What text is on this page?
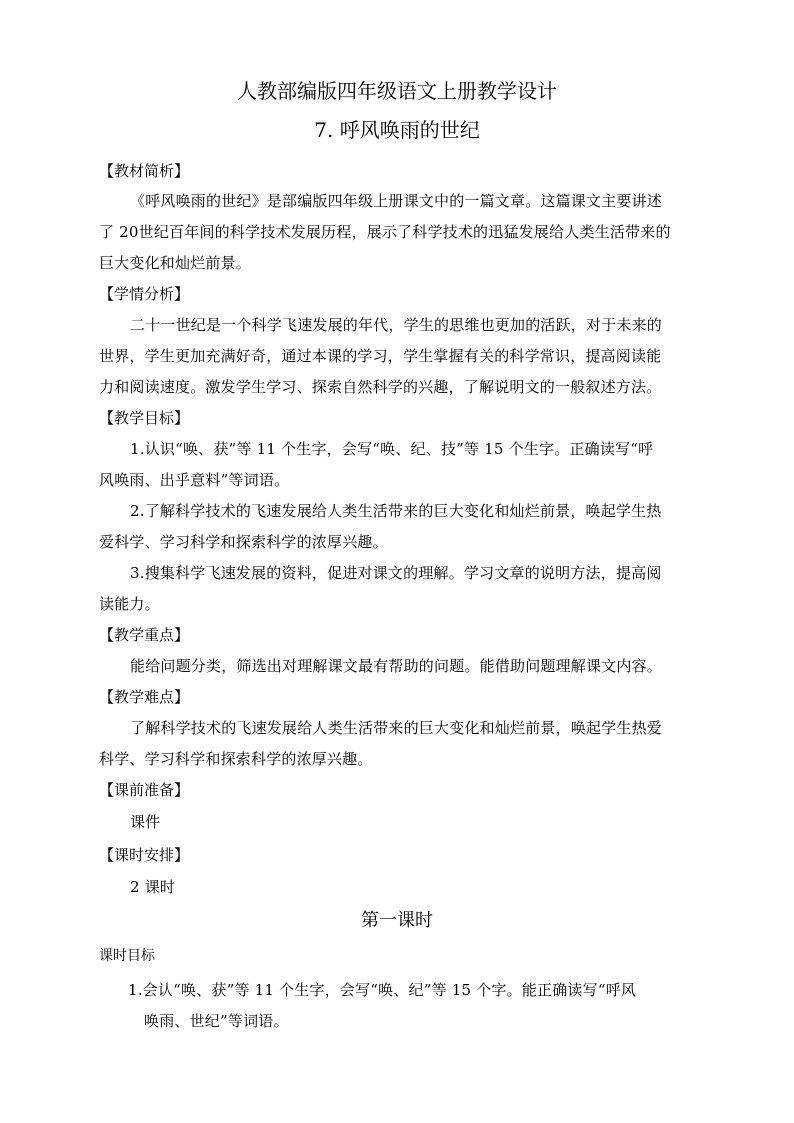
人教部编版四年级语文上册教学设计
7. 呼风唤雨的世纪
【教材简析】
《呼风唤雨的世纪》是部编版四年级上册课文中的一篇文章。这篇课文主要讲述
了 20世纪百年间的科学技术发展历程，展示了科学技术的迅猛发展给人类生活带来的
巨大变化和灿烂前景。
【学情分析】
二十一世纪是一个科学飞速发展的年代，学生的思维也更加的活跃，对于未来的
世界，学生更加充满好奇，通过本课的学习，学生掌握有关的科学常识，提高阅读能
力和阅读速度。激发学生学习、探索自然科学的兴趣，了解说明文的一般叙述方法。
【教学目标】
1.认识“唤、获”等 11 个生字，会写“唤、纪、技”等 15 个生字。正确读写“呼
风唤雨、出乎意料”等词语。
2.了解科学技术的飞速发展给人类生活带来的巨大变化和灿烂前景，唤起学生热
爱科学、学习科学和探索科学的浓厚兴趣。
3.搜集科学飞速发展的资料，促进对课文的理解。学习文章的说明方法，提高阅
读能力。
【教学重点】
能给问题分类，筛选出对理解课文最有帮助的问题。能借助问题理解课文内容。
【教学难点】
了解科学技术的飞速发展给人类生活带来的巨大变化和灿烂前景，唤起学生热爱
科学、学习科学和探索科学的浓厚兴趣。
【课前准备】
课件
【课时安排】
2 课时
第一课时
课时目标
1.会认“唤、获”等 11 个生字，会写“唤、纪”等 15 个字。能正确读写“呼风
唤雨、世纪”等词语。
